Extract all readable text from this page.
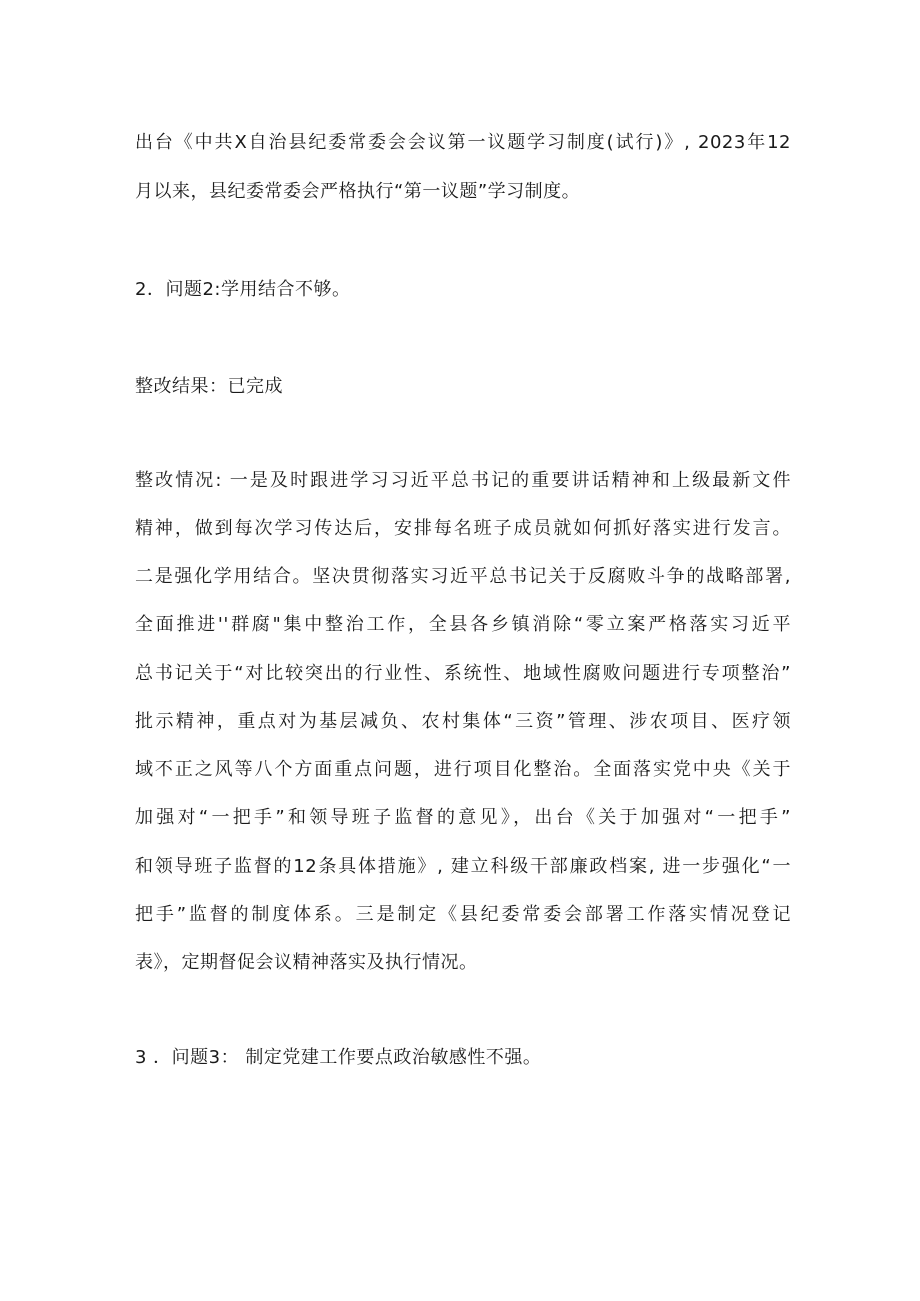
出台《中共X自治县纪委常委会会议第一议题学习制度(试行)》, 2023年12
月以来，县纪委常委会严格执行“第一议题”学习制度。
2．问题2:学用结合不够。
整改结果：已完成
整改情况: 一是及时跟进学习习近平总书记的重要讲话精神和上级最新文件
精神，做到每次学习传达后，安排每名班子成员就如何抓好落实进行发言。
二是强化学用结合。坚决贯彻落实习近平总书记关于反腐败斗争的战略部署,
全面推进''群腐"集中整治工作，全县各乡镇消除“零立案严格落实习近平
总书记关于“对比较突出的行业性、系统性、地域性腐败问题进行专项整治”
批示精神，重点对为基层减负、农村集体“三资”管理、涉农项目、医疗领
域不正之风等八个方面重点问题，进行项目化整治。全面落实党中央《关于
加强对“一把手”和领导班子监督的意见》，出台《关于加强对“一把手”
和领导班子监督的12条具体措施》, 建立科级干部廉政档案, 进一步强化“一
把手”监督的制度体系。三是制定《县纪委常委会部署工作落实情况登记
表》，定期督促会议精神落实及执行情况。
3 ．问题3： 制定党建工作要点政治敏感性不强。
